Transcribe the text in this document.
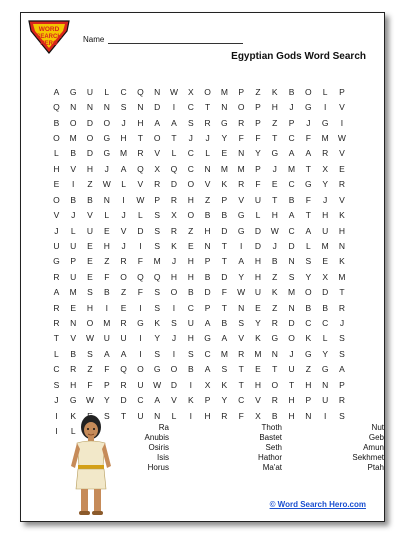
WORD
SEARCH
HERO	Name
Egyptian Gods Word Search
A	G	U	L	C	Q	N	W	X	O	M	P	Z	K	B	O	L	P
Q	N	N	N	S	N	D	I	C	T	N	O	P	H	J	G	I	V
B	O	D	O	J	H	A	A	S	R	G	R	P	Z	P	J	G	I
O	M	O	G	H	T	O	T	J	J	Y	F	F	T	C	F	M	W
L	B	D	G	M	R	V	L	C	L	E	N	Y	G	A	A	R	V
H	V	H	J	A	Q	X	Q	C	N	M	M	P	J	M	T	X	E
E	I	Z	W	L	V	R	D	O	V	K	R	F	E	C	G	Y	R
O	B	B	N	I	W	P	R	H	Z	P	V	U	T	B	F	J	V
V	J	V	L	J	L	S	X	O	B	B	G	L	H	A	T	H	K
J	L	U	E	V	D	S	R	Z	H	D	G	D	W	C	A	U	H
U	U	E	H	J	I	S	K	E	N	T	I	D	J	D	L	M	N
G	P	E	Z	R	F	M	J	H	P	T	A	H	B	N	S	E	K
R	U	E	F	O	Q	Q	H	H	B	D	Y	H	Z	S	Y	X	M
A	M	S	B	Z	F	S	O	B	D	F	W	U	K	M	O	D	T
R	E	H	I	E	I	S	I	C	P	T	N	E	Z	N	B	B	R
R	N	O	M	R	G	K	S	U	A	B	S	Y	R	D	C	C	J
T	V	W	U	U	I	Y	J	H	G	A	V	K	G	O	K	L	S
L	B	S	A	A	I	S	I	S	C	M	R	M	N	J	G	Y	S
C	R	Z	F	Q	O	G	O	B	A	S	T	E	T	U	Z	G	A
S	H	F	P	R	U	W	D	I	X	K	T	H	O	T	H	N	P
J	G	W	Y	D	C	A	V	K	P	Y	C	V	R	H	P	U	R
I	K	S	T	U	N	L	I	H	R	F	X	B	H	N	I	S
I	L	Ra
Anubis
Osiris
Isis
Horus
Thoth
Bastet
Seth
Hathor
Ma'at
Nut
Geb
Amun
Sekhmet
Ptah
© Word Search Hero.com
